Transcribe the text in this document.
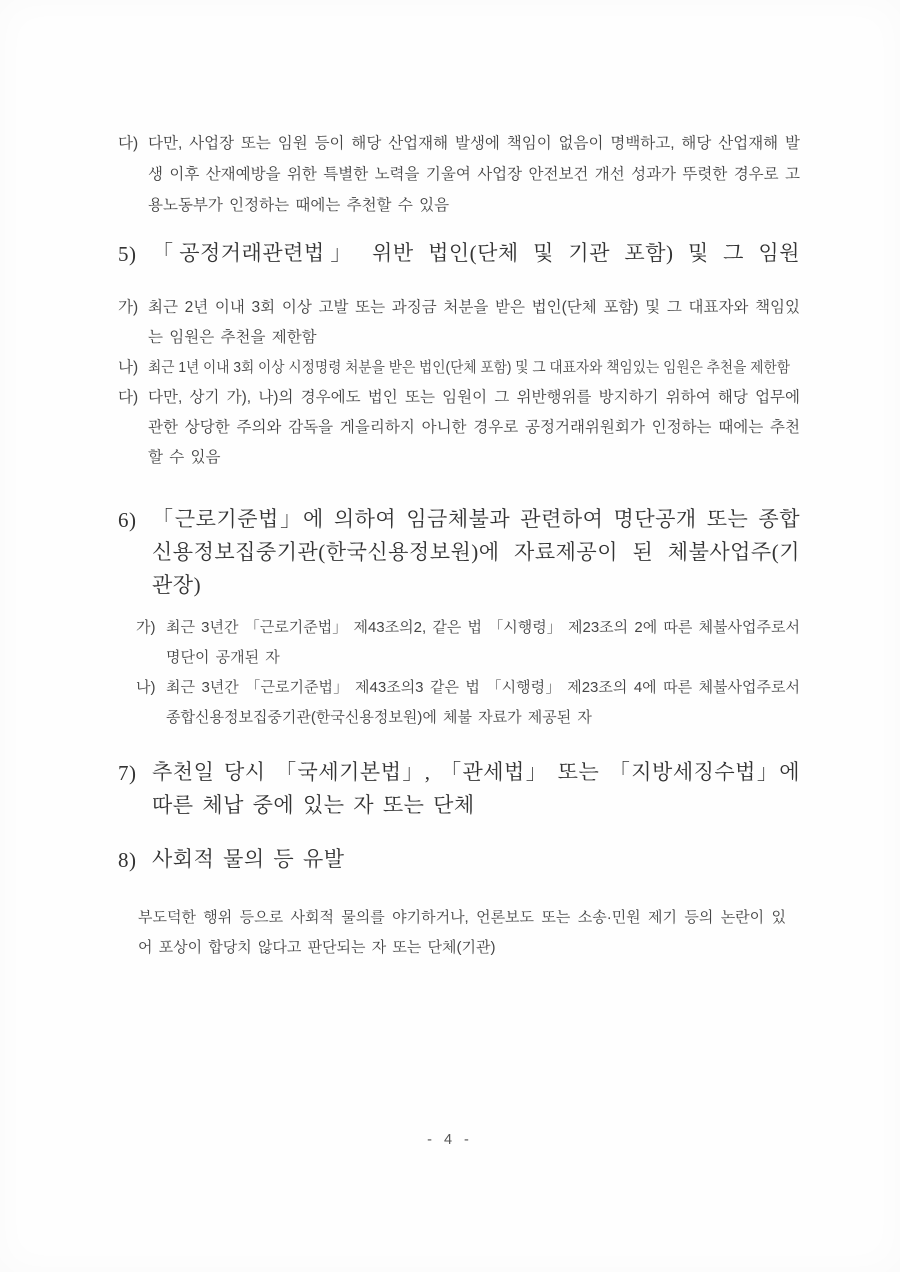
다) 다만, 사업장 또는 임원 등이 해당 산업재해 발생에 책임이 없음이 명백하고, 해당 산업재해 발생 이후 산재예방을 위한 특별한 노력을 기울여 사업장 안전보건 개선 성과가 뚜렷한 경우로 고용노동부가 인정하는 때에는 추천할 수 있음
5) 「공정거래관련법」 위반 법인(단체 및 기관 포함) 및 그 임원
가) 최근 2년 이내 3회 이상 고발 또는 과징금 처분을 받은 법인(단체 포함) 및 그 대표자와 책임있는 임원은 추천을 제한함
나) 최근 1년 이내 3회 이상 시정명령 처분을 받은 법인(단체 포함) 및 그 대표자와 책임있는 임원은 추천을 제한함
다) 다만, 상기 가), 나)의 경우에도 법인 또는 임원이 그 위반행위를 방지하기 위하여 해당 업무에 관한 상당한 주의와 감독을 게을리하지 아니한 경우로 공정거래위원회가 인정하는 때에는 추천할 수 있음
6) 「근로기준법」에 의하여 임금체불과 관련하여 명단공개 또는 종합신용정보집중기관(한국신용정보원)에 자료제공이 된 체불사업주(기관장)
가) 최근 3년간 「근로기준법」 제43조의2, 같은 법 「시행령」 제23조의 2에 따른 체불사업주로서 명단이 공개된 자
나) 최근 3년간 「근로기준법」 제43조의3 같은 법 「시행령」 제23조의 4에 따른 체불사업주로서 종합신용정보집중기관(한국신용정보원)에 체불 자료가 제공된 자
7) 추천일 당시 「국세기본법」, 「관세법」 또는 「지방세징수법」에 따른 체납 중에 있는 자 또는 단체
8) 사회적 물의 등 유발
부도덕한 행위 등으로 사회적 물의를 야기하거나, 언론보도 또는 소송·민원 제기 등의 논란이 있어 포상이 합당치 않다고 판단되는 자 또는 단체(기관)
- 4 -
